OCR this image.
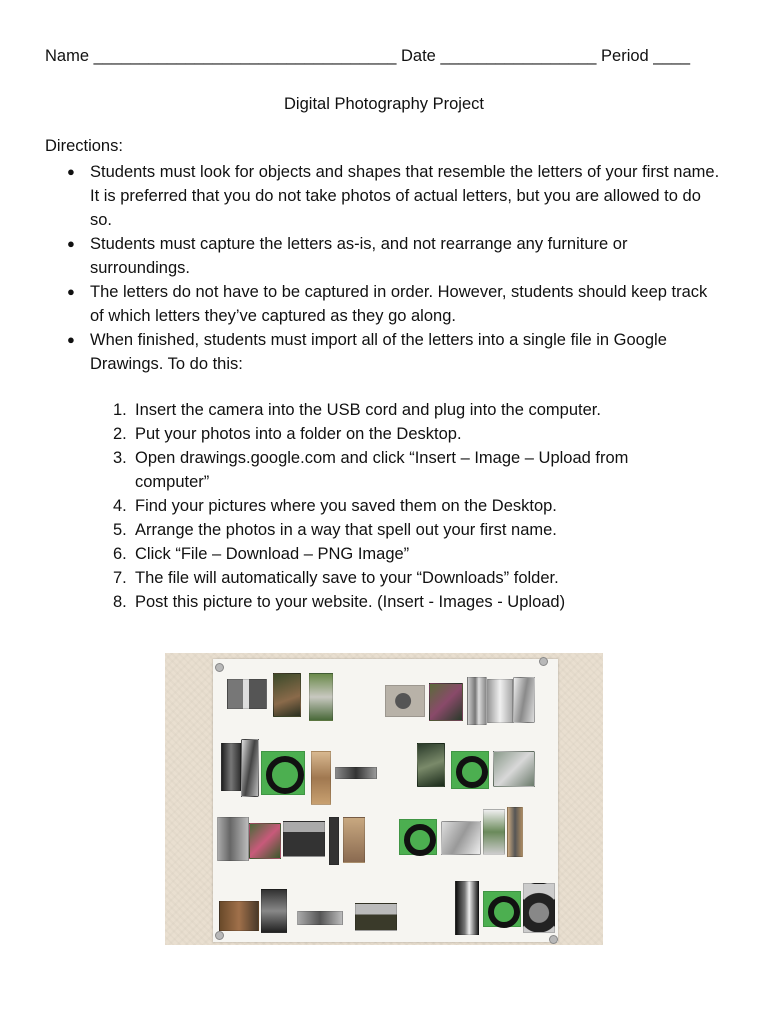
Name _________________________________ Date _________________ Period ____
Digital Photography Project
Directions:
● Students must look for objects and shapes that resemble the letters of your first name. It is preferred that you do not take photos of actual letters, but you are allowed to do so.
● Students must capture the letters as-is, and not rearrange any furniture or surroundings.
● The letters do not have to be captured in order. However, students should keep track of which letters they’ve captured as they go along.
● When finished, students must import all of the letters into a single file in Google Drawings. To do this:
1. Insert the camera into the USB cord and plug into the computer.
2. Put your photos into a folder on the Desktop.
3. Open drawings.google.com and click “Insert – Image – Upload from computer”
4. Find your pictures where you saved them on the Desktop.
5. Arrange the photos in a way that spell out your first name.
6. Click “File – Download – PNG Image”
7. The file will automatically save to your “Downloads” folder.
8. Post this picture to your website. (Insert - Images - Upload)
